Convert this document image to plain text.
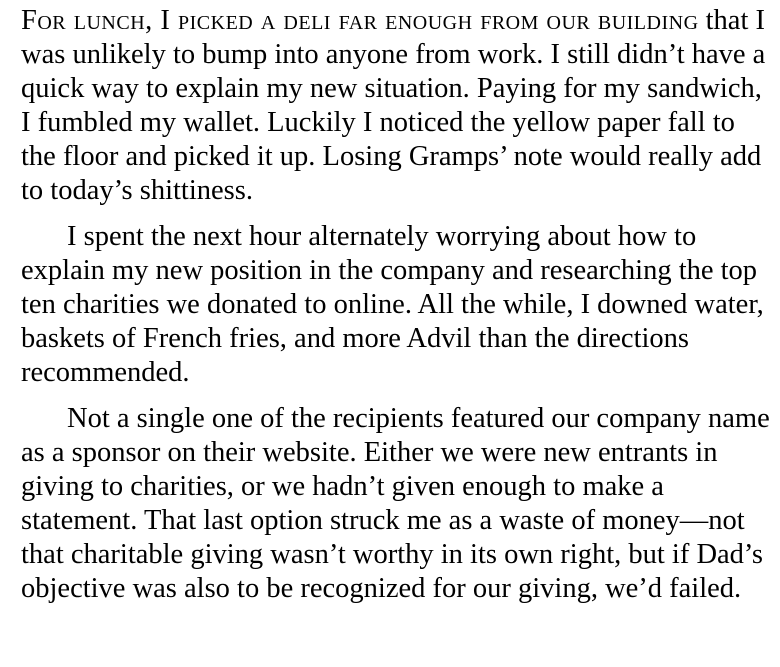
For lunch, I picked a deli far enough from our building that I was unlikely to bump into anyone from work. I still didn’t have a quick way to explain my new situation. Paying for my sandwich, I fumbled my wallet. Luckily I noticed the yellow paper fall to the floor and picked it up. Losing Gramps’ note would really add to today’s shittiness.

I spent the next hour alternately worrying about how to explain my new position in the company and researching the top ten charities we donated to online. All the while, I downed water, baskets of French fries, and more Advil than the directions recommended.

Not a single one of the recipients featured our company name as a sponsor on their website. Either we were new entrants in giving to charities, or we hadn’t given enough to make a statement. That last option struck me as a waste of money—not that charitable giving wasn’t worthy in its own right, but if Dad’s objective was also to be recognized for our giving, we’d failed.
